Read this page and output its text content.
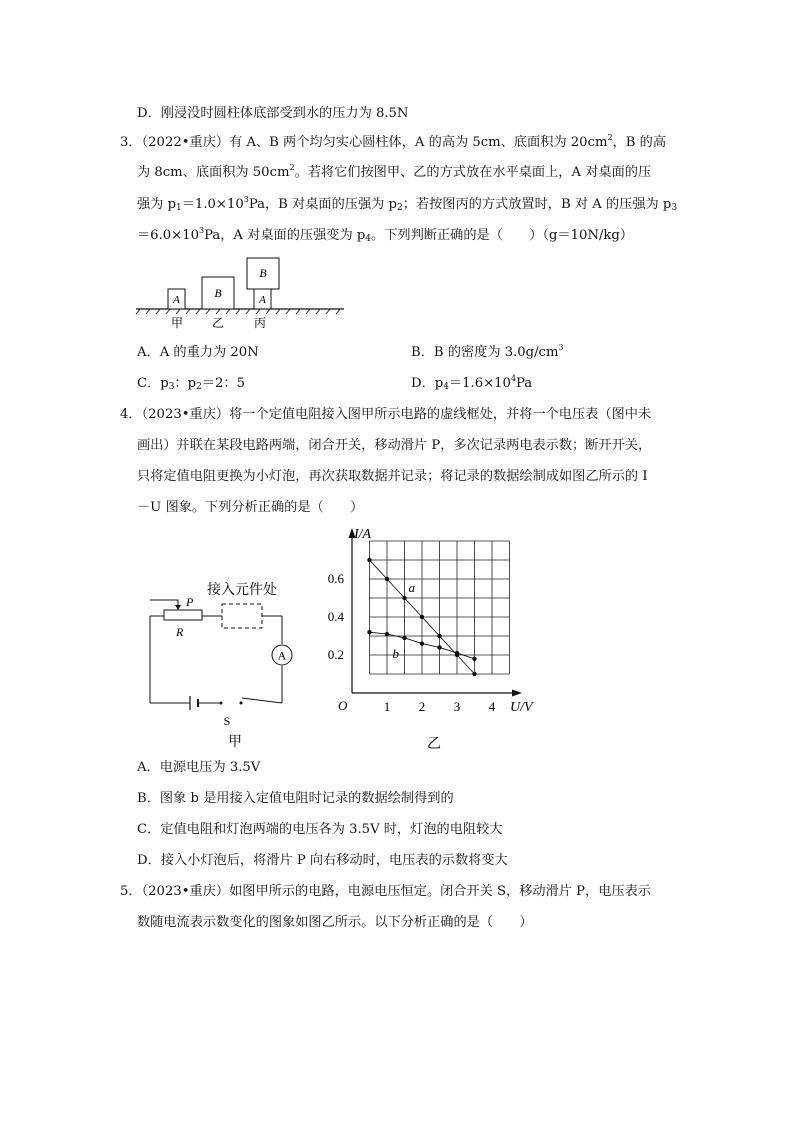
D．刚浸没时圆柱体底部受到水的压力为 8.5N
3．（2022•重庆）有 A、B 两个均匀实心圆柱体，A 的高为 5cm、底面积为 $20cm^2$，B 的高
为 8cm、底面积为 $50cm^2$。若将它们按图甲、乙的方式放在水平桌面上，A 对桌面的压
强为 $p_1=1.0\times 10^3Pa$，B 对桌面的压强为 $p_2$；若按图丙的方式放置时，B 对 A 的压强为 $p_3$
$=6.0\times 10^3Pa$，A 对桌面的压强变为 $p_4$。下列判断正确的是（　　）（g＝10N/kg）
A	B	A
B
甲 乙 丙
A．A 的重力为 20N	B．B 的密度为 $3.0g/cm^3$
C．$p_3$：$p_2=2$：5	D．$p_4=1.6\times 10^4Pa$
4．（2023•重庆）将一个定值电阻接入图甲所示电路的虚线框处，并将一个电压表（图中未
画出）并联在某段电路两端，闭合开关，移动滑片 P，多次记录两电表示数；断开开关，
只将定值电阻更换为小灯泡，再次获取数据并记录；将记录的数据绘制成如图乙所示的 I
－U 图象。下列分析正确的是（　　）
A
接入元件处
P
R
S
甲
1 2 3 4
0.2
0.4
0.6
a
b
I/A
U/V
O
乙
A．电源电压为 3.5V
B．图象 b 是用接入定值电阻时记录的数据绘制得到的
C．定值电阻和灯泡两端的电压各为 3.5V 时，灯泡的电阻较大
D．接入小灯泡后，将滑片 P 向右移动时，电压表的示数将变大
5．（2023•重庆）如图甲所示的电路，电源电压恒定。闭合开关 S，移动滑片 P，电压表示
数随电流表示数变化的图象如图乙所示。以下分析正确的是（　　）
